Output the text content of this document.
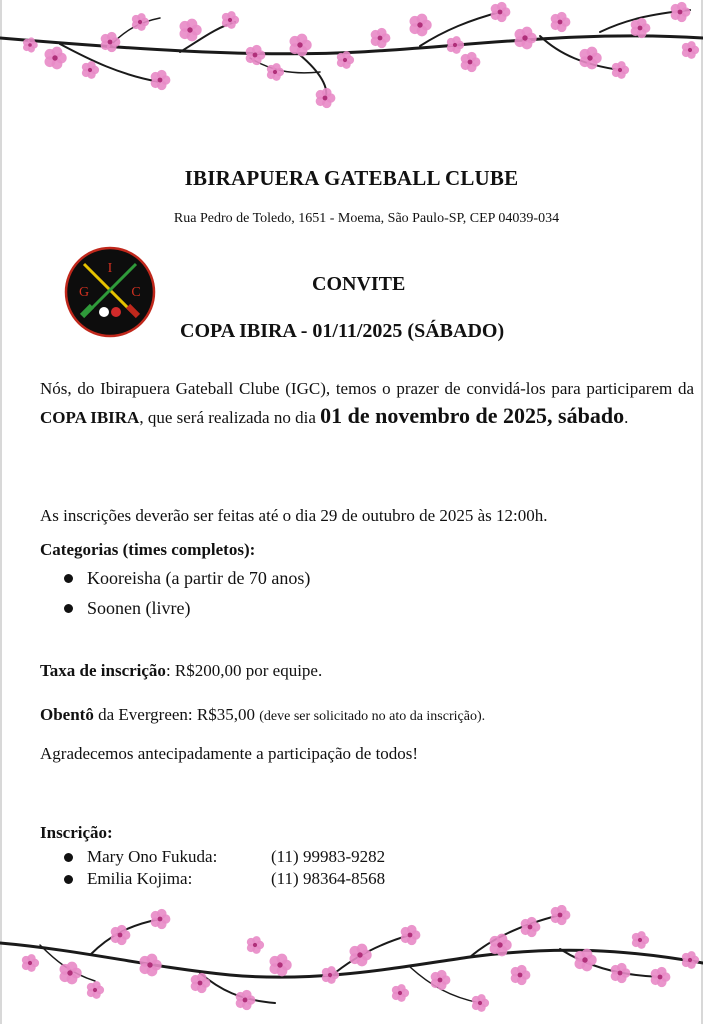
IBIRAPUERA GATEBALL CLUBE
Rua Pedro de Toledo, 1651 - Moema, São Paulo-SP, CEP 04039-034
I
G	C	CONVITE
COPA IBIRA - 01/11/2025 (SÁBADO)
Nós, do Ibirapuera Gateball Clube (IGC), temos o prazer de convidá-los para participarem da COPA IBIRA, que será realizada no dia 01 de novembro de 2025, sábado.
As inscrições deverão ser feitas até o dia 29 de outubro de 2025 às 12:00h.
Categorias (times completos):
Kooreisha (a partir de 70 anos)
Soonen (livre)
Taxa de inscrição: R$200,00 por equipe.
Obentô da Evergreen: R$35,00 (deve ser solicitado no ato da inscrição).
Agradecemos antecipadamente a participação de todos!
Inscrição:
Mary Ono Fukuda:	(11) 99983-9282
Emilia Kojima:	(11) 98364-8568
